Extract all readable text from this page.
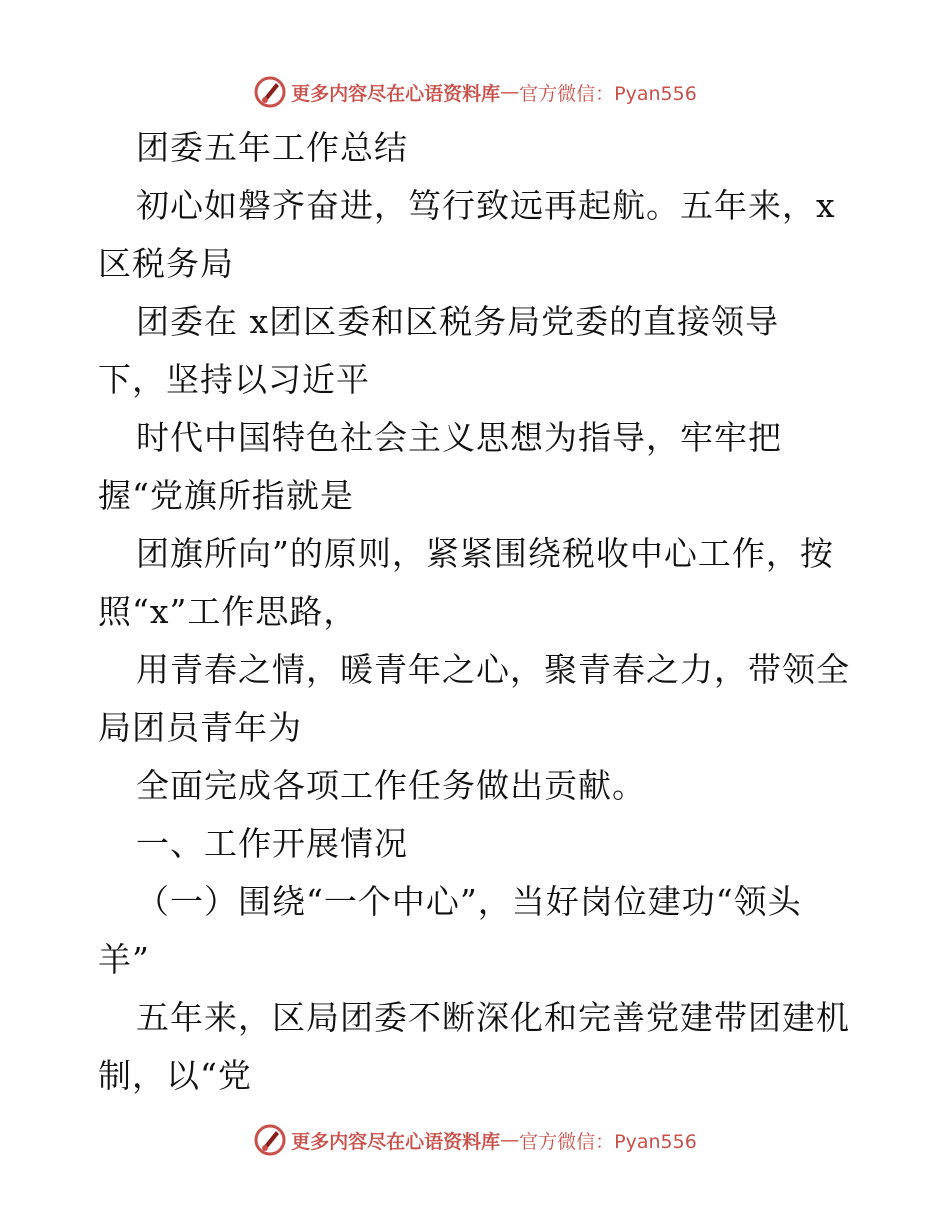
更多内容尽在心语资料库 — 官方微信：Pyan556
团委五年工作总结
初心如磐齐奋进，笃行致远再起航。五年来，x
区税务局
团委在 x团区委和区税务局党委的直接领导
下，坚持以习近平
时代中国特色社会主义思想为指导，牢牢把
握“党旗所指就是
团旗所向”的原则，紧紧围绕税收中心工作，按
照“x”工作思路，
用青春之情，暖青年之心，聚青春之力，带领全
局团员青年为
全面完成各项工作任务做出贡献。
一、工作开展情况
（一）围绕“一个中心”，当好岗位建功“领头
羊”
五年来，区局团委不断深化和完善党建带团建机
制，以“党
更多内容尽在心语资料库 — 官方微信：Pyan556
